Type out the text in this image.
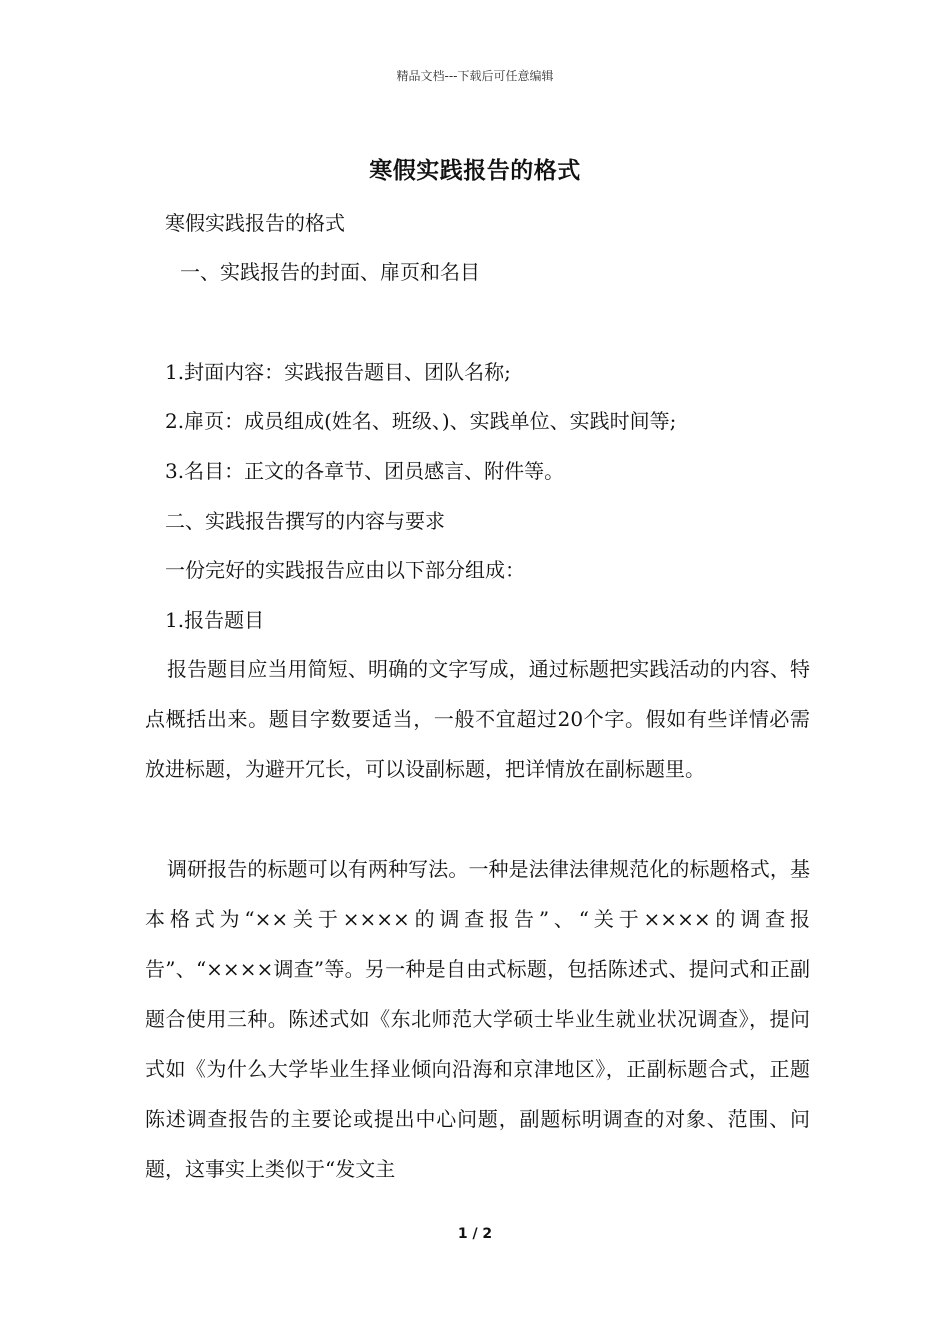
精品文档---下载后可任意编辑
寒假实践报告的格式
寒假实践报告的格式
一、实践报告的封面、扉页和名目
1.封面内容：实践报告题目、团队名称;
2.扉页：成员组成(姓名、班级、)、实践单位、实践时间等;
3.名目：正文的各章节、团员感言、附件等。
二、实践报告撰写的内容与要求
一份完好的实践报告应由以下部分组成：
1.报告题目
报告题目应当用简短、明确的文字写成，通过标题把实践活动的内容、特点概括出来。题目字数要适当，一般不宜超过20个字。假如有些详情必需放进标题，为避开冗长，可以设副标题，把详情放在副标题里。
调研报告的标题可以有两种写法。一种是法律法律规范化的标题格式，基本格式为“××关于××××的调查报告”、“关于××××的调查报告”、“××××调查”等。另一种是自由式标题，包括陈述式、提问式和正副题合使用三种。陈述式如《东北师范大学硕士毕业生就业状况调查》，提问式如《为什么大学毕业生择业倾向沿海和京津地区》，正副标题合式，正题陈述调查报告的主要论或提出中心问题，副题标明调查的对象、范围、问题，这事实上类似于“发文主
1 / 2
